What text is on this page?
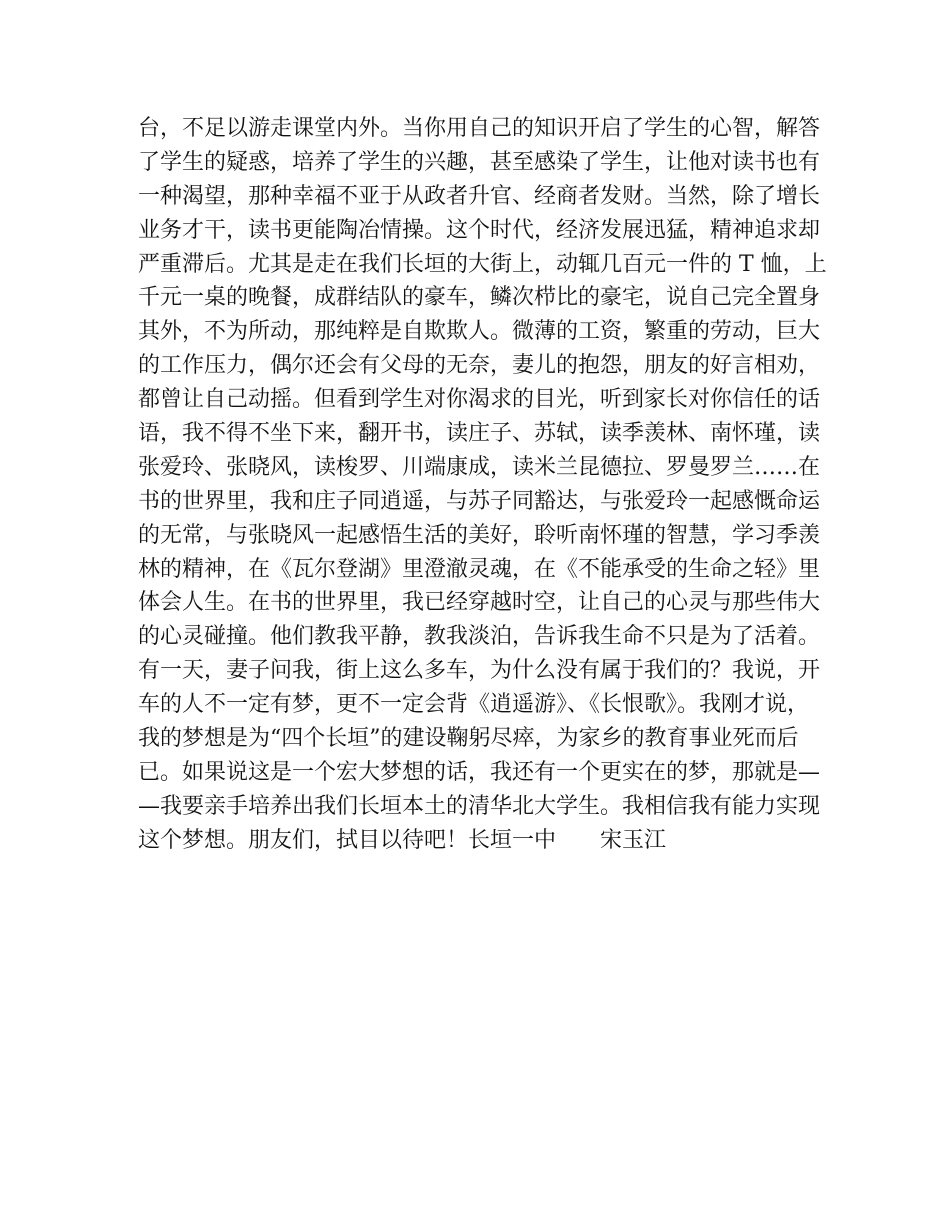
台，不足以游走课堂内外。当你用自己的知识开启了学生的心智，解答
了学生的疑惑，培养了学生的兴趣，甚至感染了学生，让他对读书也有
一种渴望，那种幸福不亚于从政者升官、经商者发财。当然，除了增长
业务才干，读书更能陶冶情操。这个时代，经济发展迅猛，精神追求却
严重滞后。尤其是走在我们长垣的大街上，动辄几百元一件的 T 恤，上
千元一桌的晚餐，成群结队的豪车，鳞次栉比的豪宅，说自己完全置身
其外，不为所动，那纯粹是自欺欺人。微薄的工资，繁重的劳动，巨大
的工作压力，偶尔还会有父母的无奈，妻儿的抱怨，朋友的好言相劝，
都曾让自己动摇。但看到学生对你渴求的目光，听到家长对你信任的话
语，我不得不坐下来，翻开书，读庄子、苏轼，读季羡林、南怀瑾，读
张爱玲、张晓风，读梭罗、川端康成，读米兰昆德拉、罗曼罗兰……在
书的世界里，我和庄子同逍遥，与苏子同豁达，与张爱玲一起感慨命运
的无常，与张晓风一起感悟生活的美好，聆听南怀瑾的智慧，学习季羡
林的精神，在《瓦尔登湖》里澄澈灵魂，在《不能承受的生命之轻》里
体会人生。在书的世界里，我已经穿越时空，让自己的心灵与那些伟大
的心灵碰撞。他们教我平静，教我淡泊，告诉我生命不只是为了活着。
有一天，妻子问我，街上这么多车，为什么没有属于我们的？我说，开
车的人不一定有梦，更不一定会背《逍遥游》、《长恨歌》。我刚才说，
我的梦想是为“四个长垣”的建设鞠躬尽瘁，为家乡的教育事业死而后
已。如果说这是一个宏大梦想的话，我还有一个更实在的梦，那就是—
—我要亲手培养出我们长垣本土的清华北大学生。我相信我有能力实现
这个梦想。朋友们，拭目以待吧！长垣一中 宋玉江
